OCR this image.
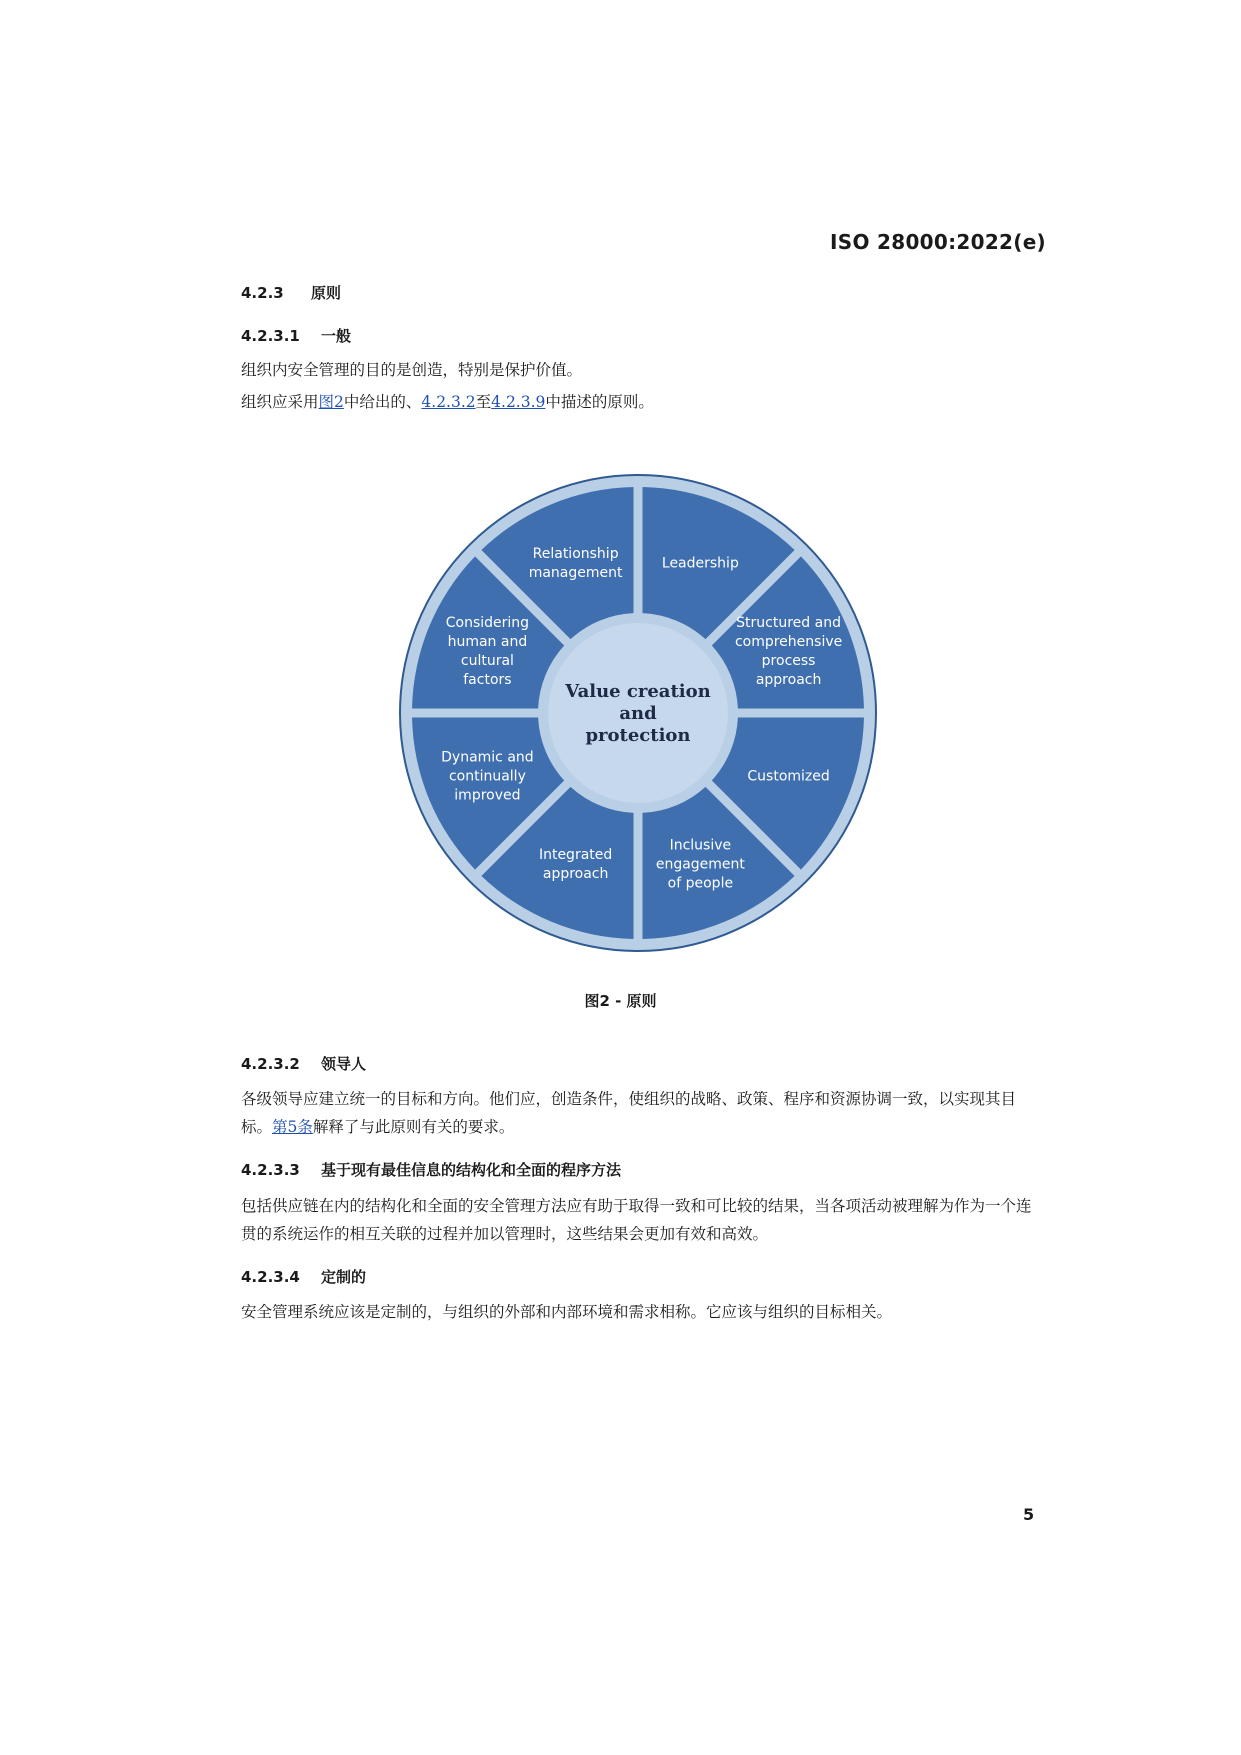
ISO 28000:2022(e)
4.2.3 原则
4.2.3.1 一般
组织内安全管理的目的是创造，特别是保护价值。
组织应采用图2中给出的、4.2.3.2至4.2.3.9中描述的原则。
Leadership
Structured and comprehensive process approach
Customized
Inclusive engagement of people
Integrated approach
Dynamic and continually improved
Considering human and cultural factors
Relationship management
Value creation and protection
图2 - 原则
4.2.3.2 领导人
各级领导应建立统一的目标和方向。他们应，创造条件，使组织的战略、政策、程序和资源协调一致，以实现其目标。第5条解释了与此原则有关的要求。
4.2.3.3 基于现有最佳信息的结构化和全面的程序方法
包括供应链在内的结构化和全面的安全管理方法应有助于取得一致和可比较的结果，当各项活动被理解为作为一个连贯的系统运作的相互关联的过程并加以管理时，这些结果会更加有效和高效。
4.2.3.4 定制的
安全管理系统应该是定制的，与组织的外部和内部环境和需求相称。它应该与组织的目标相关。
5
